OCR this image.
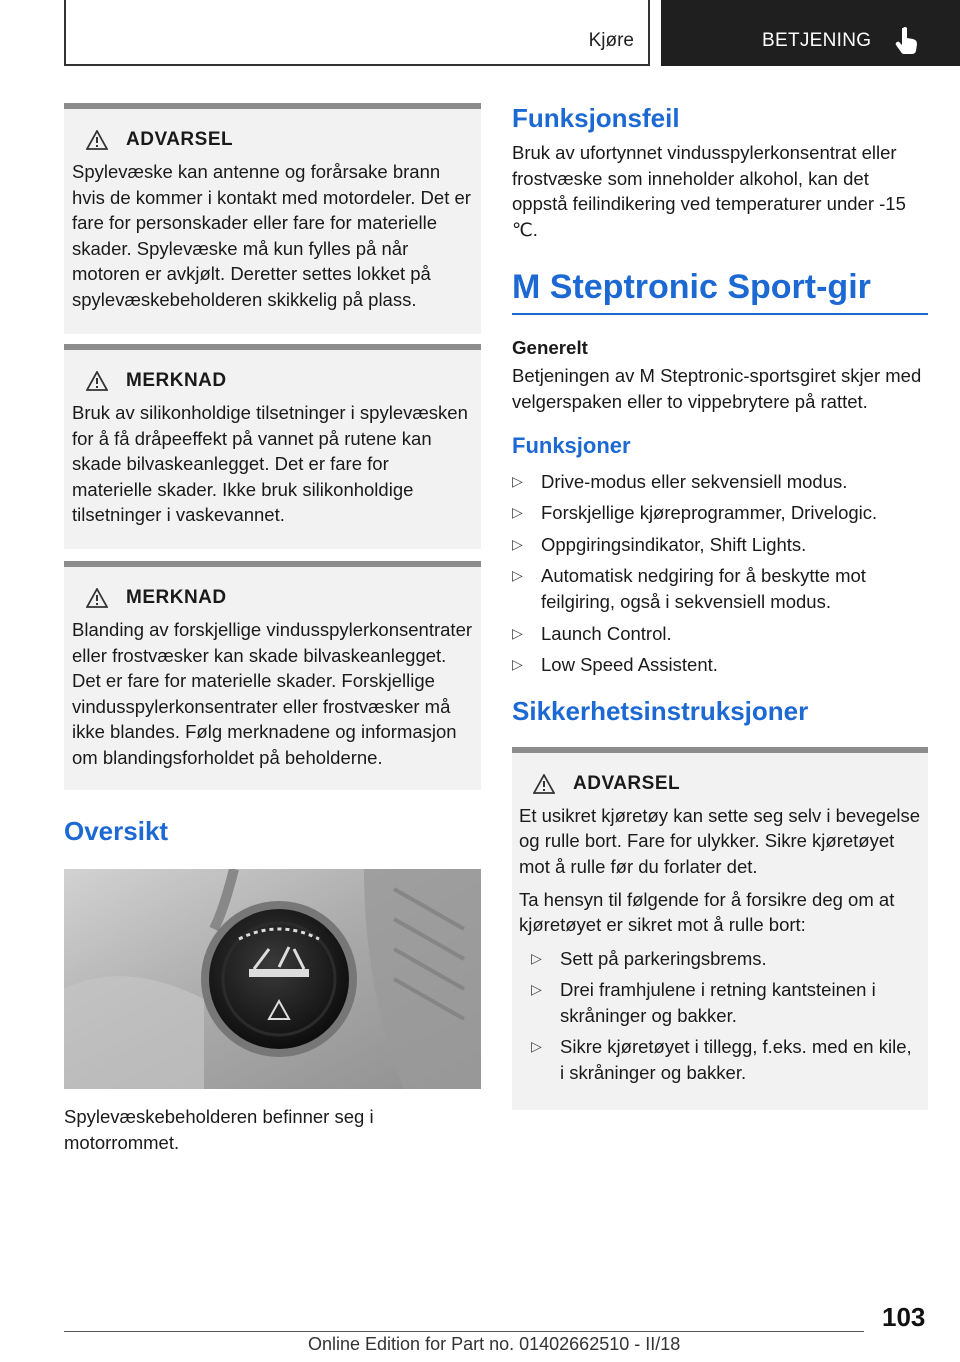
Kjøre	BETJENING
ADVARSEL

Spylevæske kan antenne og forårsake brann hvis de kommer i kontakt med motordeler. Det er fare for personskader eller fare for materielle skader. Spylevæske må kun fylles på når motoren er avkjølt. Deretter settes lokket på spylevæskebeholderen skikkelig på plass.

MERKNAD

Bruk av silikonholdige tilsetninger i spylevæsken for å få dråpeeffekt på vannet på rutene kan skade bilvaskeanlegget. Det er fare for materielle skader. Ikke bruk silikonholdige tilsetninger i vaskevannet.

MERKNAD

Blanding av forskjellige vindusspylerkonsentrater eller frostvæsker kan skade bilvaskeanlegget. Det er fare for materielle skader. Forskjellige vindusspylerkonsentrater eller frostvæsker må ikke blandes. Følg merknadene og informasjon om blandingsforholdet på beholderne.

Oversikt

Spylevæskebeholderen befinner seg i motorrommet.

Funksjonsfeil

Bruk av ufortynnet vindusspylerkonsentrat eller frostvæske som inneholder alkohol, kan det oppstå feilindikering ved temperaturer under -15 ℃.

M Steptronic Sport-gir
Generelt

Betjeningen av M Steptronic-sportsgiret skjer med velgerspaken eller to vippebrytere på rattet.

Funksjoner
▷ Drive-modus eller sekvensiell modus.
▷ Forskjellige kjøreprogrammer, Drivelogic.
▷ Oppgiringsindikator, Shift Lights.
▷ Automatisk nedgiring for å beskytte mot feilgiring, også i sekvensiell modus.
▷ Launch Control.
▷ Low Speed Assistent.
Sikkerhetsinstruksjoner
ADVARSEL

Et usikret kjøretøy kan sette seg selv i bevegelse og rulle bort. Fare for ulykker. Sikre kjøretøyet mot å rulle før du forlater det.

Ta hensyn til følgende for å forsikre deg om at kjøretøyet er sikret mot å rulle bort:

▷ Sett på parkeringsbrems.
▷ Drei framhjulene i retning kantsteinen i skråninger og bakker.
▷ Sikre kjøretøyet i tillegg, f.eks. med en kile, i skråninger og bakker.
103
Online Edition for Part no. 01402662510 - II/18
